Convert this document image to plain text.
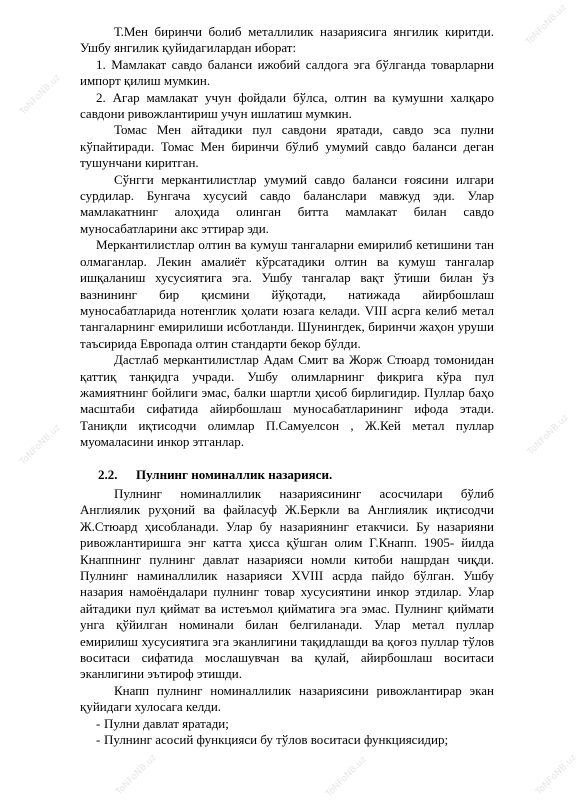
ToNFoNB.uz
ToNFoNB.uz
ToNFoNB.uz	ToNFoNB.uz
ToNFoNB.uz	ToNFoNB.uz	ToNFoNB.uz

Т.Мен биринчи болиб металлилик назариясига янгилик киритди. Ушбу янгилик қуйидагилардан иборат:

1. Мамлакат савдо баланси ижобий салдога эга бўлганда товарларни импорт қилиш мумкин.

2. Агар мамлакат учун фойдали бўлса, олтин ва кумушни халқаро савдони ривожлантириш учун ишлатиш мумкин.

Томас Мен айтадики пул савдони яратади, савдо эса пулни кўпайтиради. Томас Мен биринчи бўлиб умумий савдо баланси деган тушунчани киритган.

Сўнгги меркантилистлар умумий савдо баланси ғоясини илгари сурдилар. Бунгача хусусий савдо баланслари мавжуд эди. Улар мамлакатнинг алоҳида олинган битта мамлакат билан савдо муносабатларини акс эттирар эди.

Меркантилистлар олтин ва кумуш тангаларни емирилиб кетишини тан олмаганлар. Лекин амалиёт кўрсатадики олтин ва кумуш тангалар ишқаланиш хусусиятига эга. Ушбу тангалар вақт ўтиши билан ўз вазнининг бир қисмини йўқотади, натижада айирбошлаш муносабатларида нотенглик ҳолати юзага келади. VIII асрга келиб метал тангаларнинг емирилиши исботланди. Шунингдек, биринчи жаҳон уруши таъсирида Европада олтин стандарти бекор бўлди.

Дастлаб меркантилистлар Адам Смит ва Жорж Стюард томонидан қаттиқ танқидга учради. Ушбу олимларнинг фикрига кўра пул жамиятнинг бойлиги эмас, балки шартли ҳисоб бирлигидир. Пуллар баҳо масштаби сифатида айирбошлаш муносабатларининг ифода этади. Таниқли иқтисодчи олимлар П.Самуелсон , Ж.Кей метал пуллар муомаласини инкор этганлар.

2.2. Пулнинг номиналлик назарияси.

Пулнинг номиналлилик назариясининг асосчилари бўлиб Англиялик руҳоний ва файласуф Ж.Беркли ва Англиялик иқтисодчи Ж.Стюард ҳисобланади. Улар бу назариянинг етакчиси. Бу назарияни ривожлантиришга энг катта ҳисса қўшган олим Г.Кнапп. 1905- йилда Кнаппнинг пулнинг давлат назарияси номли китоби нашрдан чиқди. Пулнинг наминаллилик назарияси XVIII асрда пайдо бўлган. Ушбу назария намоёндалари пулнинг товар хусусиятини инкор этдилар. Улар айтадики пул қиймат ва истеъмол қийматига эга эмас. Пулнинг қиймати унга қўйилган номинали билан белгиланади. Улар метал пуллар емирилиш хусусиятига эга эканлигини тақидлашди ва қоғоз пуллар тўлов воситаси сифатида мослашувчан ва қулай, айирбошлаш воситаси эканлигини эътироф этишди.

Кнапп пулнинг номиналлилик назариясини ривожлантирар экан қуйидаги хулосага келди.

- Пулни давлат яратади;

- Пулнинг асосий функцияси бу тўлов воситаси функциясидир;
